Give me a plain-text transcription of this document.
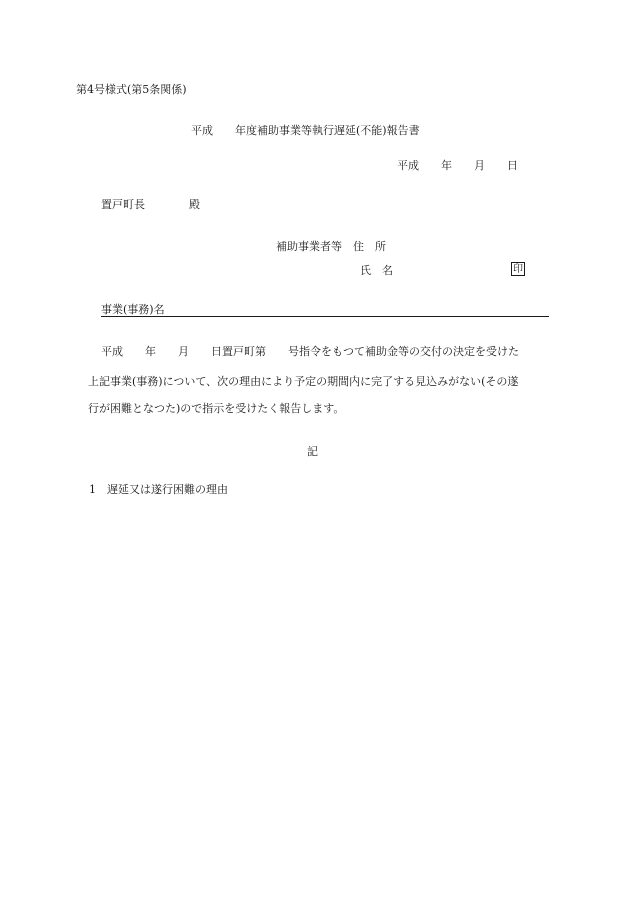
第4号様式(第5条関係)
平成　　年度補助事業等執行遅延(不能)報告書
平成　　年　　月　　日
置戸町長　　　　殿
補助事業者等　住　所
氏　名	印
事業(事務)名
平成　　年　　月　　日置戸町第　　号指令をもつて補助金等の交付の決定を受けた
上記事業(事務)について、次の理由により予定の期間内に完了する見込みがない(その遂
行が困難となつた)ので指示を受けたく報告します。
記
1　遅延又は遂行困難の理由
